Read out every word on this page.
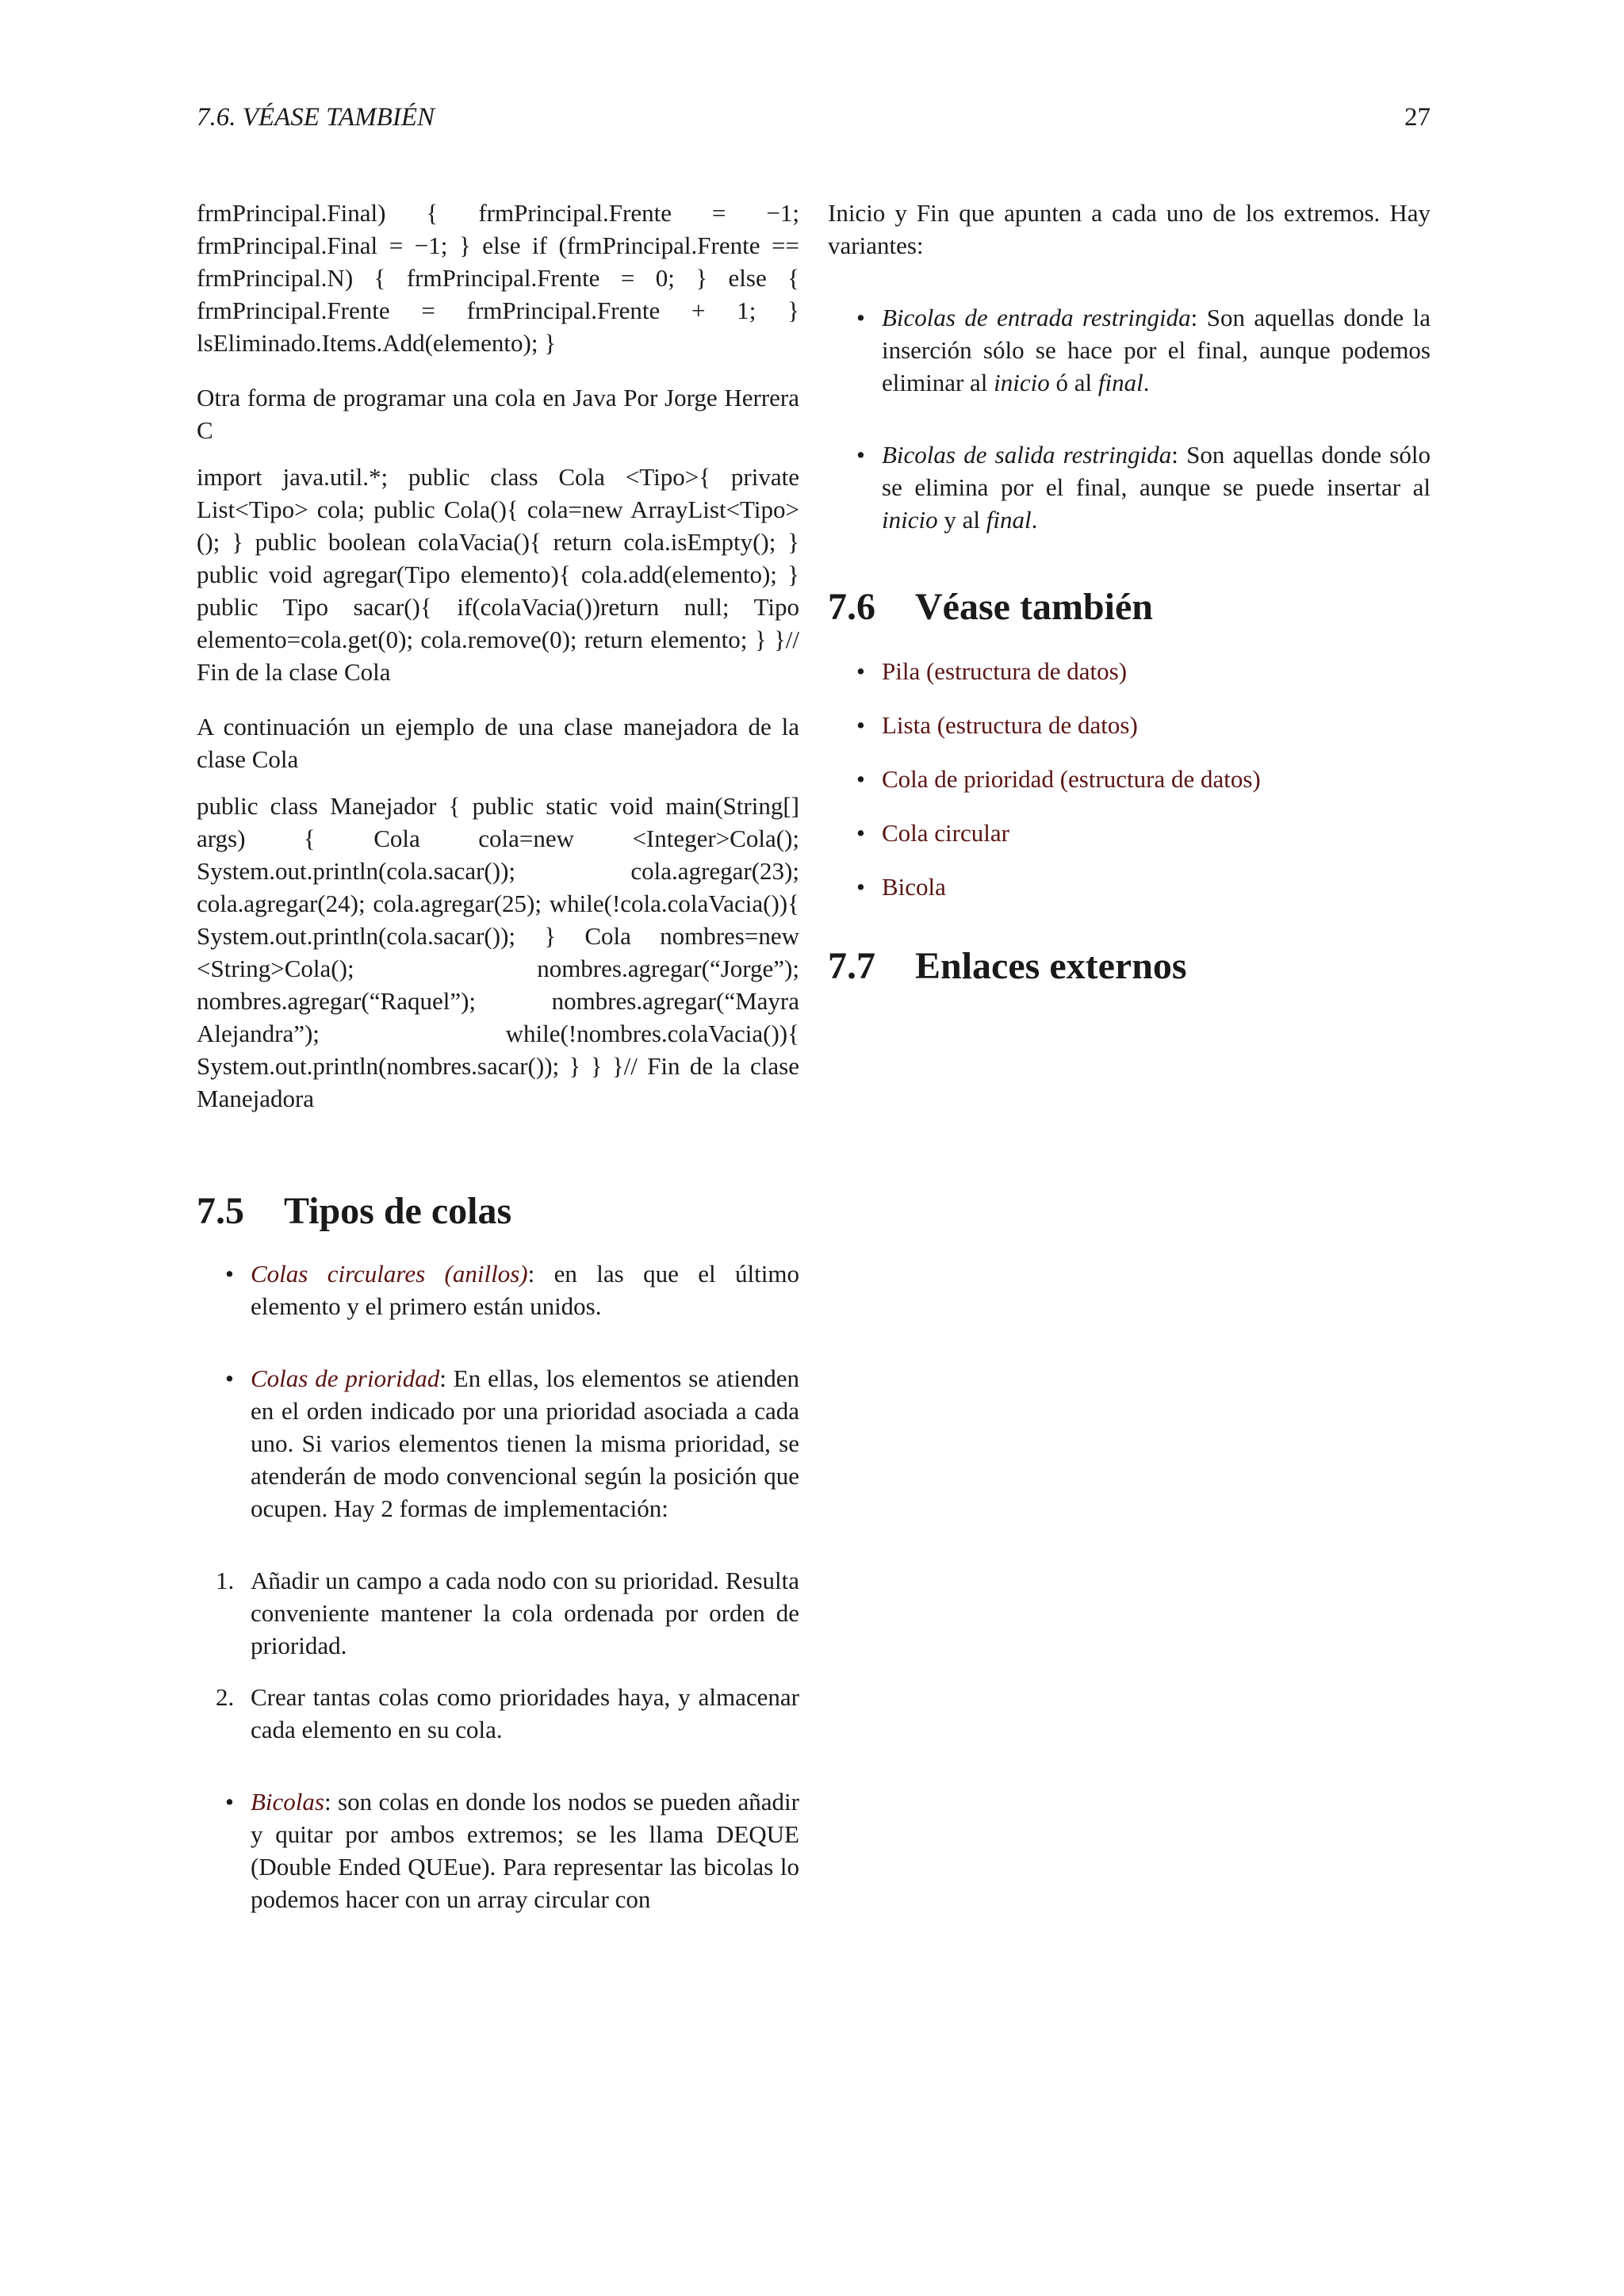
7.6. VÉASE TAMBIÉN	27

frmPrincipal.Final) { frmPrincipal.Frente = −1; frmPrincipal.Final = −1; } else if (frmPrincipal.Frente == frmPrincipal.N) { frmPrincipal.Frente = 0; } else { frmPrincipal.Frente = frmPrincipal.Frente + 1; } lsEliminado.Items.Add(elemento); }

Otra forma de programar una cola en Java Por Jorge Herrera C

import java.util.*; public class Cola <Tipo>{ private List<Tipo> cola; public Cola(){ cola=new ArrayList<Tipo>(); } public boolean colaVacia(){ return cola.isEmpty(); } public void agregar(Tipo elemento){ cola.add(elemento); } public Tipo sacar(){ if(colaVacia())return null; Tipo elemento=cola.get(0); cola.remove(0); return elemento; } }// Fin de la clase Cola

A continuación un ejemplo de una clase manejadora de la clase Cola

public class Manejador { public static void main(String[] args) { Cola cola=new <Integer>Cola(); System.out.println(cola.sacar()); cola.agregar(23); cola.agregar(24); cola.agregar(25); while(!cola.colaVacia()){ System.out.println(cola.sacar()); } Cola nombres=new <String>Cola(); nombres.agregar(“Jorge”); nombres.agregar(“Raquel”); nombres.agregar(“Mayra Alejandra”); while(!nombres.colaVacia()){ System.out.println(nombres.sacar()); } } }// Fin de la clase Manejadora

7.5 Tipos de colas
• Colas circulares (anillos): en las que el último elemento y el primero están unidos.
• Colas de prioridad: En ellas, los elementos se atienden en el orden indicado por una prioridad asociada a cada uno. Si varios elementos tienen la misma prioridad, se atenderán de modo convencional según la posición que ocupen. Hay 2 formas de implementación:
1. Añadir un campo a cada nodo con su prioridad. Resulta conveniente mantener la cola ordenada por orden de prioridad.
2. Crear tantas colas como prioridades haya, y almacenar cada elemento en su cola.
• Bicolas: son colas en donde los nodos se pueden añadir y quitar por ambos extremos; se les llama DEQUE (Double Ended QUEue). Para representar las bicolas lo podemos hacer con un array circular con

Inicio y Fin que apunten a cada uno de los extremos. Hay variantes:

• Bicolas de entrada restringida: Son aquellas donde la inserción sólo se hace por el final, aunque podemos eliminar al inicio ó al final.
• Bicolas de salida restringida: Son aquellas donde sólo se elimina por el final, aunque se puede insertar al inicio y al final.
7.6 Véase también
• Pila (estructura de datos)
• Lista (estructura de datos)
• Cola de prioridad (estructura de datos)
• Cola circular
• Bicola
7.7 Enlaces externos
